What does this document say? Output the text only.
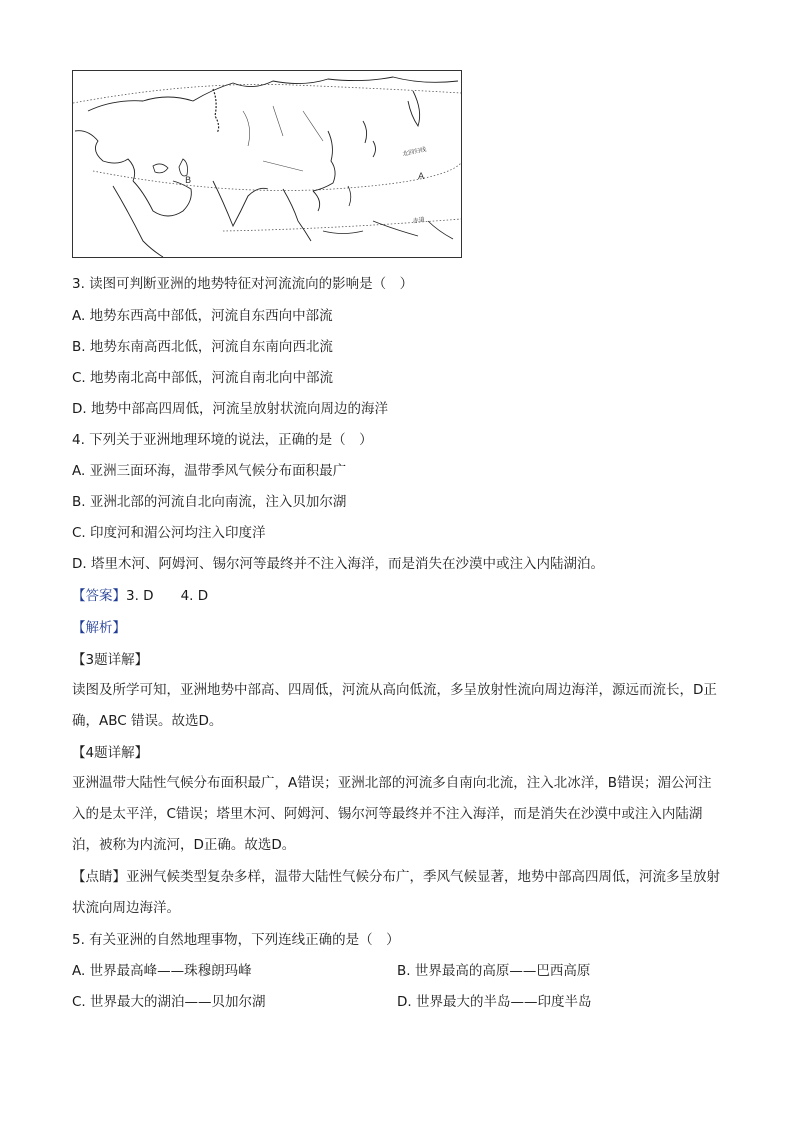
B	A
北回归线
赤道
3. 读图可判断亚洲的地势特征对河流流向的影响是（　）
A. 地势东西高中部低，河流自东西向中部流
B. 地势东南高西北低，河流自东南向西北流
C. 地势南北高中部低，河流自南北向中部流
D. 地势中部高四周低，河流呈放射状流向周边的海洋
4. 下列关于亚洲地理环境的说法，正确的是（　）
A. 亚洲三面环海，温带季风气候分布面积最广
B. 亚洲北部的河流自北向南流，注入贝加尔湖
C. 印度河和湄公河均注入印度洋
D. 塔里木河、阿姆河、锡尔河等最终并不注入海洋，而是消失在沙漠中或注入内陆湖泊。
【答案】3. D　　4. D
【解析】
【3题详解】
读图及所学可知，亚洲地势中部高、四周低，河流从高向低流，多呈放射性流向周边海洋，源远而流长，D正确，ABC 错误。故选D。
【4题详解】
亚洲温带大陆性气候分布面积最广，A错误；亚洲北部的河流多自南向北流，注入北冰洋，B错误；湄公河注入的是太平洋，C错误；塔里木河、阿姆河、锡尔河等最终并不注入海洋，而是消失在沙漠中或注入内陆湖泊，被称为内流河，D正确。故选D。
【点睛】亚洲气候类型复杂多样，温带大陆性气候分布广，季风气候显著，地势中部高四周低，河流多呈放射状流向周边海洋。
5. 有关亚洲的自然地理事物，下列连线正确的是（　）
A. 世界最高峰——珠穆朗玛峰	B. 世界最高的高原——巴西高原
C. 世界最大的湖泊——贝加尔湖	D. 世界最大的半岛——印度半岛
